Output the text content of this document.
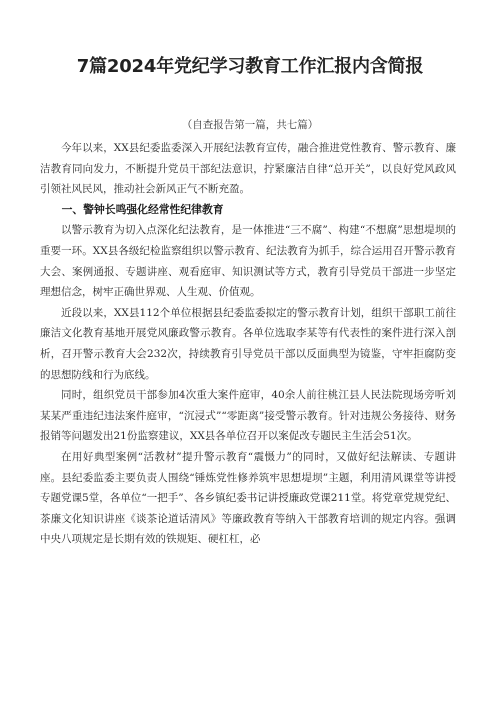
7篇2024年党纪学习教育工作汇报内含简报

（自查报告第一篇，共七篇）

今年以来，XX县纪委监委深入开展纪法教育宣传，融合推进党性教育、警示教育、廉洁教育同向发力，不断提升党员干部纪法意识，拧紧廉洁自律“总开关”，以良好党风政风引领社风民风，推动社会新风正气不断充盈。

一、警钟长鸣强化经常性纪律教育

以警示教育为切入点深化纪法教育，是一体推进“三不腐”、构建“不想腐”思想堤坝的重要一环。XX县各级纪检监察组织以警示教育、纪法教育为抓手，综合运用召开警示教育大会、案例通报、专题讲座、观看庭审、知识测试等方式，教育引导党员干部进一步坚定理想信念，树牢正确世界观、人生观、价值观。

近段以来，XX县112个单位根据县纪委监委拟定的警示教育计划，组织干部职工前往廉洁文化教育基地开展党风廉政警示教育。各单位选取李某等有代表性的案件进行深入剖析，召开警示教育大会232次，持续教育引导党员干部以反面典型为镜鉴，守牢拒腐防变的思想防线和行为底线。

同时，组织党员干部参加4次重大案件庭审，40余人前往桃江县人民法院现场旁听刘某某严重违纪违法案件庭审，“沉浸式”“零距离”接受警示教育。针对违规公务接待、财务报销等问题发出21份监察建议，XX县各单位召开以案促改专题民主生活会51次。

在用好典型案例“活教材”提升警示教育“震慑力”的同时，又做好纪法解读、专题讲座。县纪委监委主要负责人围绕“锤炼党性修养筑牢思想堤坝”主题，利用清风课堂等讲授专题党课5堂，各单位“一把手”、各乡镇纪委书记讲授廉政党课211堂。将党章党规党纪、茶廉文化知识讲座《谈茶论道话清风》等廉政教育等纳入干部教育培训的规定内容。强调中央八项规定是长期有效的铁规矩、硬杠杠，必
